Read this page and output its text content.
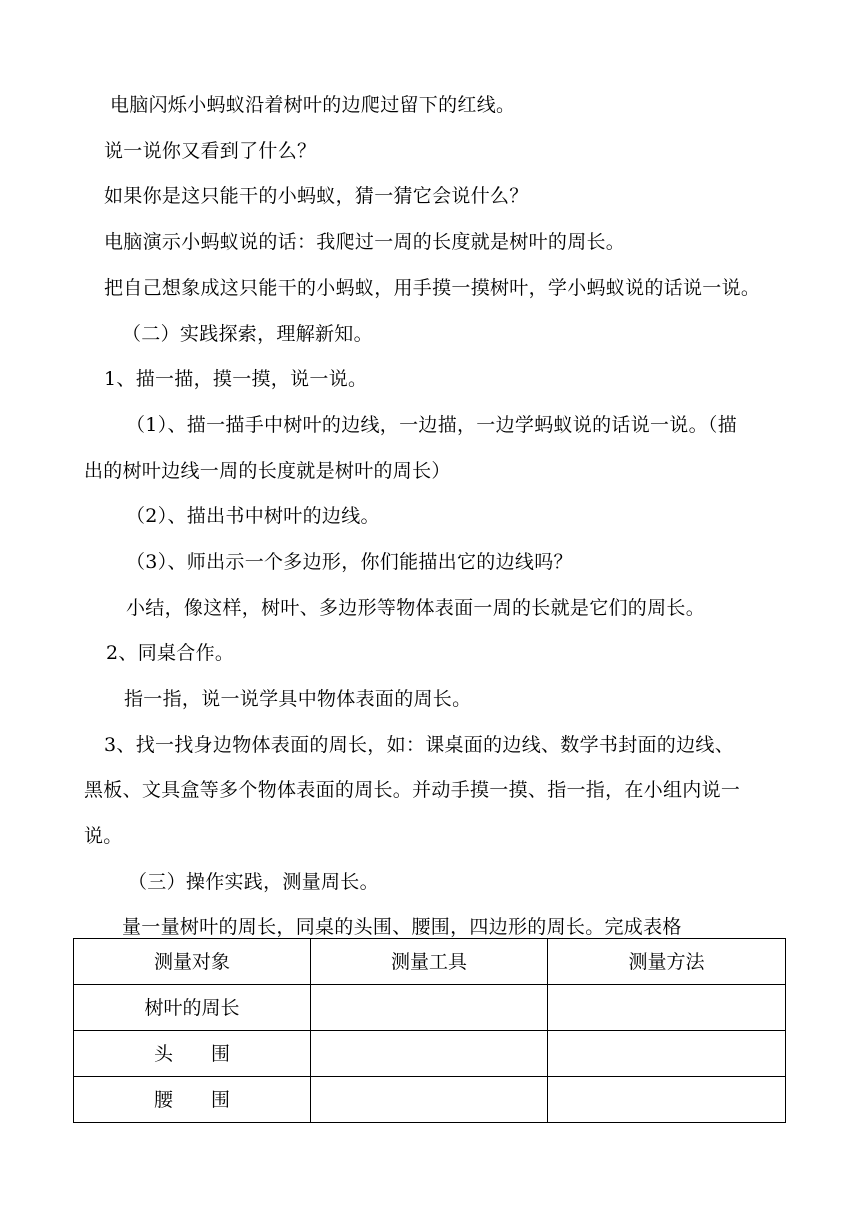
电脑闪烁小蚂蚁沿着树叶的边爬过留下的红线。

说一说你又看到了什么？

如果你是这只能干的小蚂蚁，猜一猜它会说什么？

电脑演示小蚂蚁说的话：我爬过一周的长度就是树叶的周长。

把自己想象成这只能干的小蚂蚁，用手摸一摸树叶，学小蚂蚁说的话说一说。

（二）实践探索，理解新知。

1、描一描，摸一摸，说一说。

（1）、描一描手中树叶的边线，一边描，一边学蚂蚁说的话说一说。（描

出的树叶边线一周的长度就是树叶的周长）

（2）、描出书中树叶的边线。

（3）、师出示一个多边形，你们能描出它的边线吗？

小结，像这样，树叶、多边形等物体表面一周的长就是它们的周长。

2、同桌合作。

指一指，说一说学具中物体表面的周长。

3、找一找身边物体表面的周长，如：课桌面的边线、数学书封面的边线、

黑板、文具盒等多个物体表面的周长。并动手摸一摸、指一指，在小组内说一

说。

（三）操作实践，测量周长。

量一量树叶的周长，同桌的头围、腰围，四边形的周长。完成表格

测量对象	测量工具	测量方法
树叶的周长		
头　　围		
腰　　围		
